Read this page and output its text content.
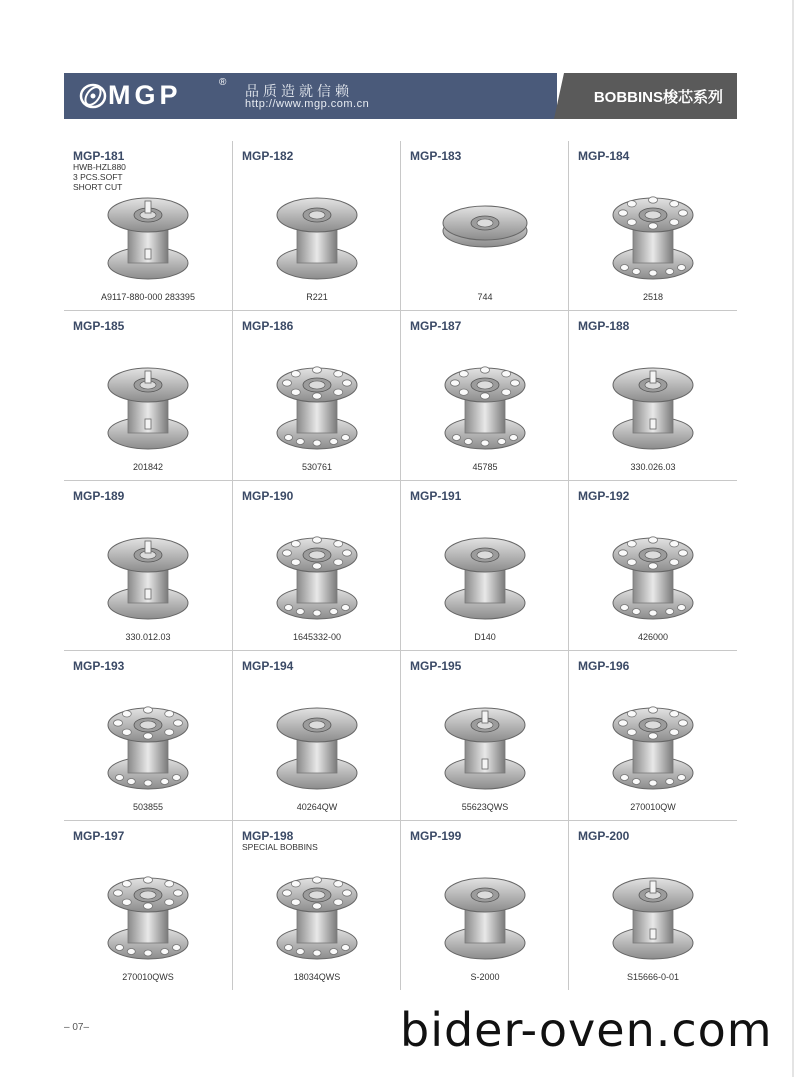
MGP	®
品质造就信赖
http://www.mgp.com.cn	BOBBINS梭芯系列
MGP-181
HWB-HZL880
3 PCS.SOFT
SHORT CUT
A9117-880-000 283395
MGP-182
R221
MGP-183
744
MGP-184
2518
MGP-185
201842
MGP-186
530761
MGP-187
45785
MGP-188
330.026.03
MGP-189
330.012.03
MGP-190
1645332-00
MGP-191
D140
MGP-192
426000
MGP-193
503855
MGP-194
40264QW
MGP-195
55623QWS
MGP-196
270010QW
MGP-197
270010QWS
MGP-198
SPECIAL BOBBINS
18034QWS
MGP-199
S-2000
MGP-200
S15666-0-01
– 07–	bider-oven.com
